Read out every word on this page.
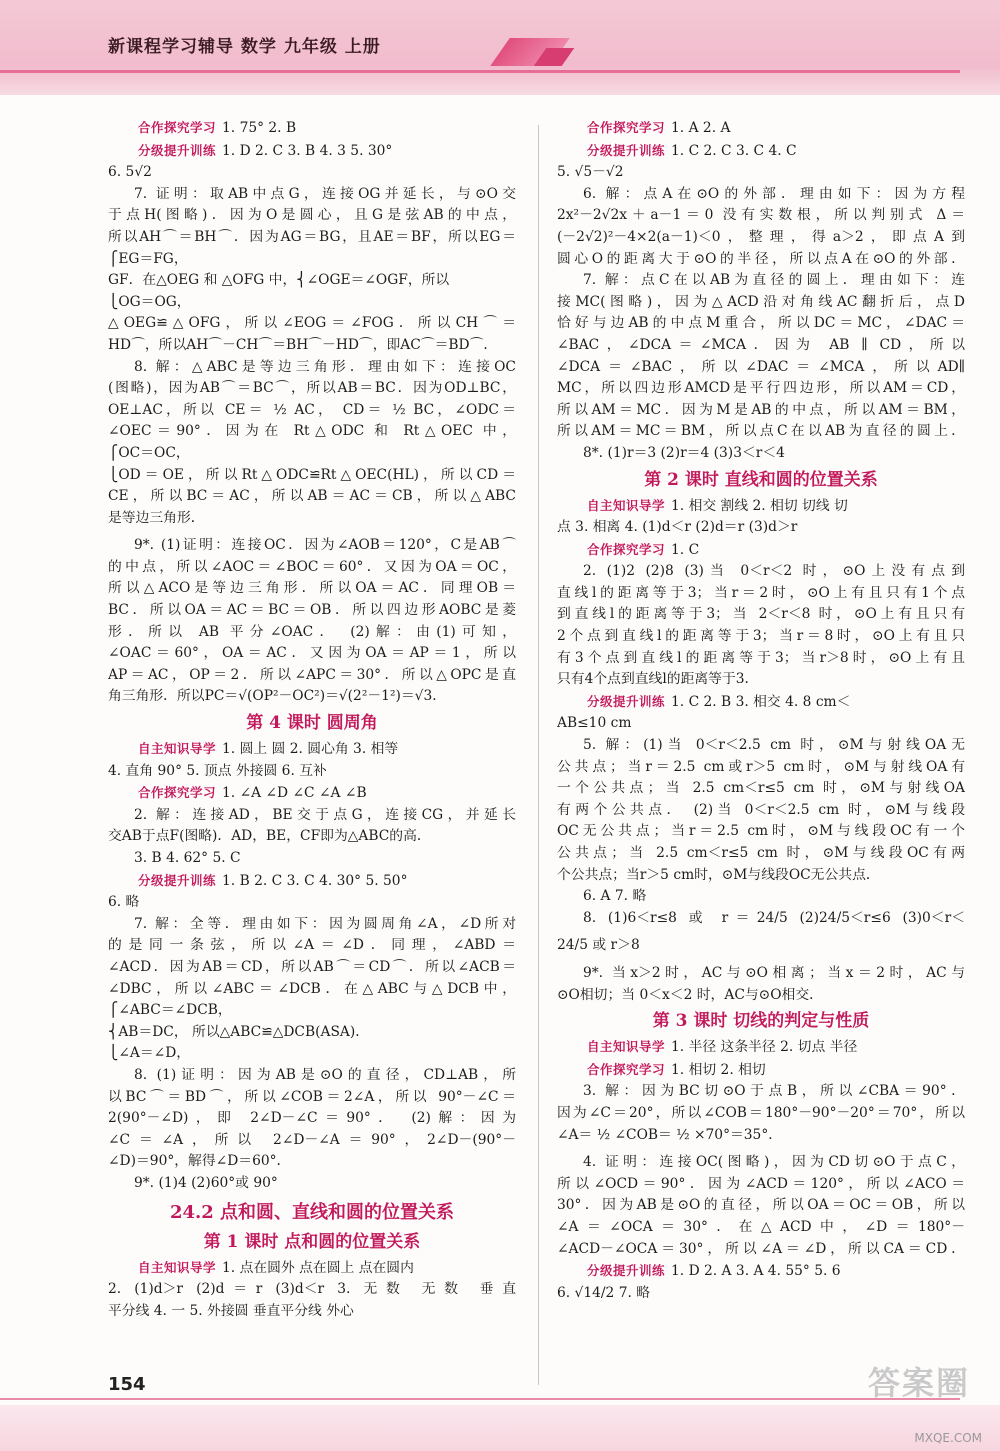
新课程学习辅导 数学 九年级 上册
合作探究学习 1. 75° 2. B
分级提升训练 1. D 2. C 3. B 4. 3 5. 30°
6. 5√2
7. 证明：取AB中点G，连接OG并延长，与⊙O交
于点H(图略)．因为O是圆心，且G是弦AB的中点，
所以AH⌒＝BH⌒．因为AG＝BG，且AE＝BF，所以EG＝
⎧EG＝FG，
GF．在△OEG 和 △OFG 中，⎨∠OGE＝∠OGF，所以
⎩OG＝OG，
△OEG≌△OFG，所以∠EOG＝∠FOG．所以CH⌒＝
HD⌒，所以AH⌒－CH⌒＝BH⌒－HD⌒，即AC⌒＝BD⌒．
8. 解：△ABC是等边三角形．理由如下：连接OC
(图略)，因为AB⌒＝BC⌒，所以AB＝BC．因为OD⊥BC，
OE⊥AC，所以 CE＝ ½ AC， CD＝ ½ BC，∠ODC＝
∠OEC＝90°．因为在 Rt△ODC 和 Rt△OEC 中，
⎧OC＝OC，
⎩OD＝OE，所以Rt△ODC≌Rt△OEC(HL)，所以CD＝
CE，所以BC＝AC，所以AB＝AC＝CB，所以△ABC
是等边三角形．
9*. (1)证明：连接OC．因为∠AOB＝120°，C是AB⌒
的中点，所以∠AOC＝∠BOC＝60°．又因为OA＝OC，
所以△ACO是等边三角形．所以OA＝AC．同理OB＝
BC．所以OA＝AC＝BC＝OB．所以四边形AOBC是菱
形．所以 AB 平分∠OAC． (2)解：由(1)可知，
∠OAC＝60°，OA＝AC．又因为OA＝AP＝1，所以
AP＝AC，OP＝2．所以∠APC＝30°．所以△OPC是直
角三角形．所以PC＝√(OP²－OC²)＝√(2²－1²)＝√3．
第 4 课时 圆周角
自主知识导学 1. 圆上 圆 2. 圆心角 3. 相等
4. 直角 90° 5. 顶点 外接圆 6. 互补
合作探究学习 1. ∠A ∠D ∠C ∠A ∠B
2. 解：连接AD，BE交于点G，连接CG，并延长
交AB于点F(图略)．AD，BE，CF即为△ABC的高．
3. B 4. 62° 5. C
分级提升训练 1. B 2. C 3. C 4. 30° 5. 50°
6. 略
7. 解：全等．理由如下：因为圆周角∠A，∠D所对
的是同一条弦，所以∠A＝∠D．同理，∠ABD＝
∠ACD．因为AB＝CD，所以AB⌒＝CD⌒．所以∠ACB＝
∠DBC，所以∠ABC＝∠DCB．在△ABC与△DCB中，
⎧∠ABC＝∠DCB，
⎨AB＝DC， 所以△ABC≌△DCB(ASA)．
⎩∠A＝∠D，
8. (1)证明：因为AB是⊙O的直径，CD⊥AB，所
以BC⌒＝BD⌒，所以∠COB＝2∠A，所以 90°－∠C＝
2(90°－∠D)，即 2∠D－∠C＝90°． (2)解：因为
∠C＝∠A，所以 2∠D－∠A＝90°，2∠D－(90°－
∠D)＝90°，解得∠D＝60°．
9*. (1)4 (2)60°或 90°
24.2 点和圆、直线和圆的位置关系
第 1 课时 点和圆的位置关系
自主知识导学 1. 点在圆外 点在圆上 点在圆内
2. (1)d＞r (2)d＝r (3)d＜r 3. 无数 无数 垂直
平分线 4. 一 5. 外接圆 垂直平分线 外心
合作探究学习 1. A 2. A
分级提升训练 1. C 2. C 3. C 4. C
5. √5－√2
6. 解：点A在⊙O的外部．理由如下：因为方程
2x²－2√2x＋a－1＝0 没有实数根，所以判别式 Δ＝
(－2√2)²－4×2(a－1)＜0，整理，得a＞2，即点A到
圆心O的距离大于⊙O的半径，所以点A在⊙O的外部．
7. 解：点C在以AB为直径的圆上．理由如下：连
接MC(图略)，因为△ACD沿对角线AC翻折后，点D
恰好与边AB的中点M重合，所以DC＝MC，∠DAC＝
∠BAC，∠DCA＝∠MCA．因为 AB ∥ CD，所以
∠DCA＝∠BAC，所以∠DAC＝∠MCA，所以AD∥
MC，所以四边形AMCD是平行四边形，所以AM＝CD，
所以AM＝MC．因为M是AB的中点，所以AM＝BM，
所以AM＝MC＝BM，所以点C在以AB为直径的圆上．
8*. (1)r＝3 (2)r＝4 (3)3＜r＜4
第 2 课时 直线和圆的位置关系
自主知识导学 1. 相交 割线 2. 相切 切线 切
点 3. 相离 4. (1)d＜r (2)d＝r (3)d＞r
合作探究学习 1. C
2. (1)2 (2)8 (3)当 0＜r＜2 时，⊙O上没有点到
直线l的距离等于3；当r＝2时，⊙O上有且只有1个点
到直线l的距离等于3；当 2＜r＜8 时，⊙O上有且只有
2个点到直线l的距离等于3；当r＝8时，⊙O上有且只
有3个点到直线l的距离等于3；当r＞8时，⊙O上有且
只有4个点到直线l的距离等于3．
分级提升训练 1. C 2. B 3. 相交 4. 8 cm＜
AB≤10 cm
5. 解：(1)当 0＜r＜2.5 cm 时，⊙M与射线OA无
公共点；当r＝2.5 cm或r＞5 cm时，⊙M与射线OA有
一个公共点；当 2.5 cm＜r≤5 cm 时，⊙M与射线OA
有两个公共点． (2)当 0＜r＜2.5 cm 时，⊙M与线段
OC无公共点；当r＝2.5 cm时，⊙M与线段OC有一个
公共点；当 2.5 cm＜r≤5 cm 时，⊙M与线段OC有两
个公共点；当r＞5 cm时，⊙M与线段OC无公共点．
6. A 7. 略
8. (1)6＜r≤8 或 r＝24/5 (2)24/5＜r≤6 (3)0＜r＜
24/5 或 r＞8
9*. 当x＞2时，AC与⊙O相离；当x＝2时，AC与
⊙O相切；当 0＜x＜2 时，AC与⊙O相交．
第 3 课时 切线的判定与性质
自主知识导学 1. 半径 这条半径 2. 切点 半径
合作探究学习 1. 相切 2. 相切
3. 解：因为BC切⊙O于点B，所以∠CBA＝90°．
因为∠C＝20°，所以∠COB＝180°－90°－20°＝70°，所以
∠A＝ ½ ∠COB＝ ½ ×70°＝35°．
4. 证明：连接OC(图略)，因为CD切⊙O于点C，
所以∠OCD＝90°．因为∠ACD＝120°，所以∠ACO＝
30°．因为AB是⊙O的直径，所以OA＝OC＝OB，所以
∠A＝∠OCA＝30°．在△ACD中，∠D＝180°－
∠ACD－∠OCA＝30°，所以∠A＝∠D，所以CA＝CD．
分级提升训练 1. D 2. A 3. A 4. 55° 5. 6
6. √14/2 7. 略
154
MXQE.COM
答案圈
